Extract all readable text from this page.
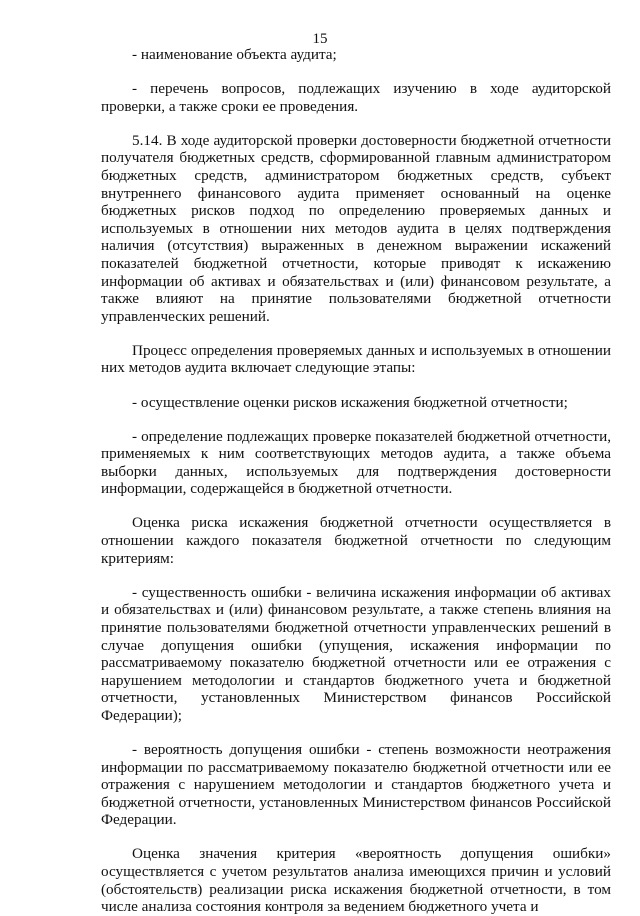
15

- наименование объекта аудита;

- перечень вопросов, подлежащих изучению в ходе аудиторской проверки, а также сроки ее проведения.

5.14. В ходе аудиторской проверки достоверности бюджетной отчетности получателя бюджетных средств, сформированной главным администратором бюджетных средств, администратором бюджетных средств, субъект внутреннего финансового аудита применяет основанный на оценке бюджетных рисков подход по определению проверяемых данных и используемых в отношении них методов аудита в целях подтверждения наличия (отсутствия) выраженных в денежном выражении искажений показателей бюджетной отчетности, которые приводят к искажению информации об активах и обязательствах и (или) финансовом результате, а также влияют на принятие пользователями бюджетной отчетности управленческих решений.

Процесс определения проверяемых данных и используемых в отношении них методов аудита включает следующие этапы:

- осуществление оценки рисков искажения бюджетной отчетности;

- определение подлежащих проверке показателей бюджетной отчетности, применяемых к ним соответствующих методов аудита, а также объема выборки данных, используемых для подтверждения достоверности информации, содержащейся в бюджетной отчетности.

Оценка риска искажения бюджетной отчетности осуществляется в отношении каждого показателя бюджетной отчетности по следующим критериям:

- существенность ошибки - величина искажения информации об активах и обязательствах и (или) финансовом результате, а также степень влияния на принятие пользователями бюджетной отчетности управленческих решений в случае допущения ошибки (упущения, искажения информации по рассматриваемому показателю бюджетной отчетности или ее отражения с нарушением методологии и стандартов бюджетного учета и бюджетной отчетности, установленных Министерством финансов Российской Федерации);

- вероятность допущения ошибки - степень возможности неотражения информации по рассматриваемому показателю бюджетной отчетности или ее отражения с нарушением методологии и стандартов бюджетного учета и бюджетной отчетности, установленных Министерством финансов Российской Федерации.

Оценка значения критерия «вероятность допущения ошибки» осуществляется с учетом результатов анализа имеющихся причин и условий (обстоятельств) реализации риска искажения бюджетной отчетности, в том числе анализа состояния контроля за ведением бюджетного учета и
